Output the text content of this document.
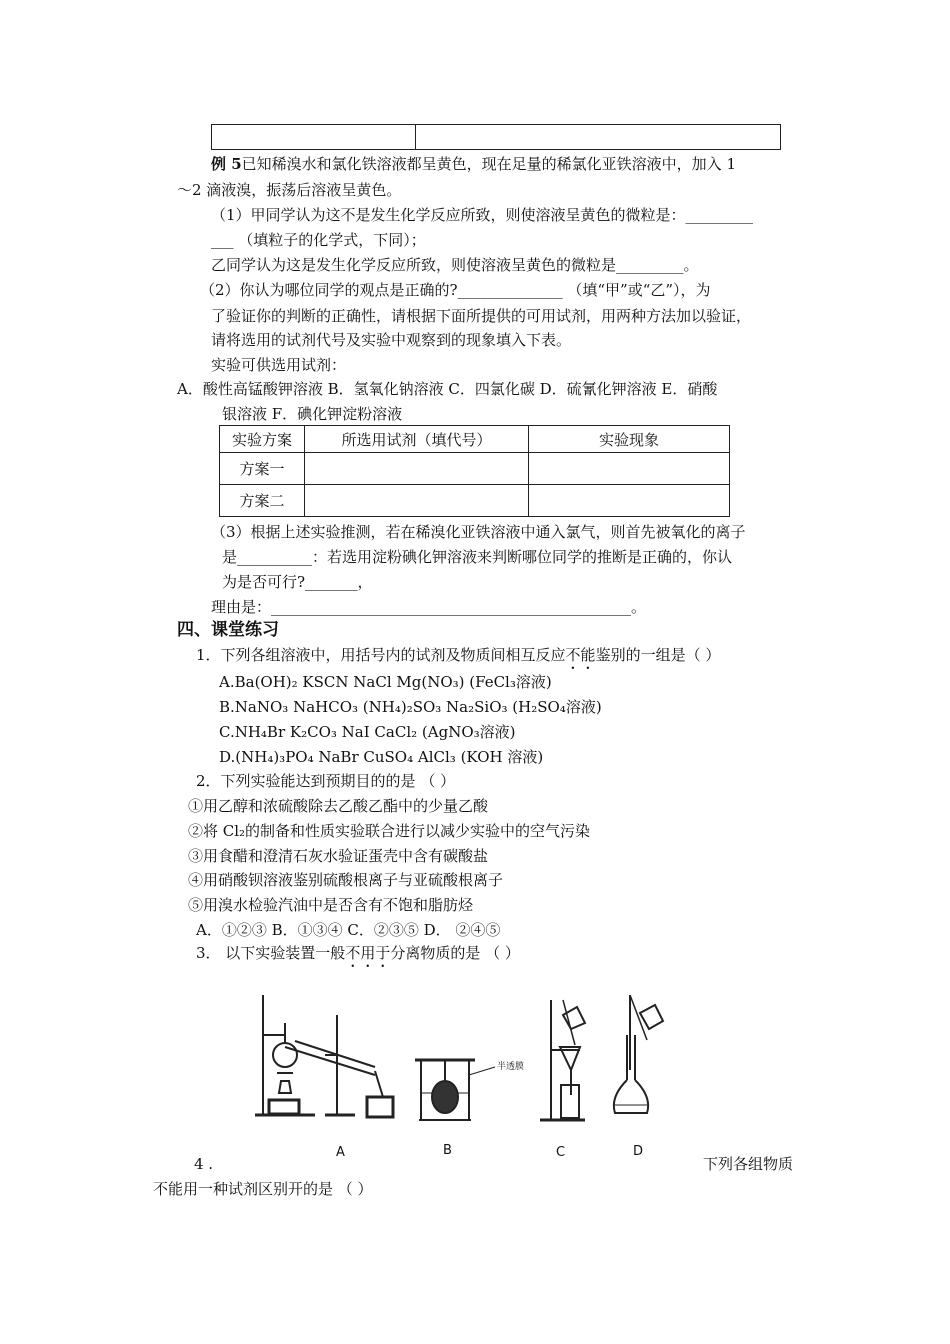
例 5已知稀溴水和氯化铁溶液都呈黄色，现在足量的稀氯化亚铁溶液中，加入 1
～2 滴液溴，振荡后溶液呈黄色。
（1）甲同学认为这不是发生化学反应所致，则使溶液呈黄色的微粒是：_________
___ （填粒子的化学式，下同）；
乙同学认为这是发生化学反应所致，则使溶液呈黄色的微粒是_________。
（2）你认为哪位同学的观点是正确的?______________ （填“甲”或“乙”），为
了验证你的判断的正确性，请根据下面所提供的可用试剂，用两种方法加以验证，
请将选用的试剂代号及实验中观察到的现象填入下表。
实验可供选用试剂：
A．酸性高锰酸钾溶液 B．氢氧化钠溶液 C．四氯化碳 D．硫氰化钾溶液 E．硝酸
银溶液 F．碘化钾淀粉溶液
实验方案	所选用试剂（填代号）	实验现象
方案一		
方案二		
（3）根据上述实验推测，若在稀溴化亚铁溶液中通入氯气，则首先被氧化的离子
是__________：若选用淀粉碘化钾溶液来判断哪位同学的推断是正确的，你认
为是否可行?_______，
理由是：________________________________________________。
四、课堂练习
1．下列各组溶液中，用括号内的试剂及物质间相互反应不能鉴别的一组是（ ）
A.Ba(OH)₂ KSCN NaCl Mg(NO₃) (FeCl₃溶液)
B.NaNO₃ NaHCO₃ (NH₄)₂SO₃ Na₂SiO₃ (H₂SO₄溶液)
C.NH₄Br K₂CO₃ NaI CaCl₂ (AgNO₃溶液)
D.(NH₄)₃PO₄ NaBr CuSO₄ AlCl₃ (KOH 溶液)
2．下列实验能达到预期目的的是 （ ）
①用乙醇和浓硫酸除去乙酸乙酯中的少量乙酸
②将 Cl₂的制备和性质实验联合进行以减少实验中的空气污染
③用食醋和澄清石灰水验证蛋壳中含有碳酸盐
④用硝酸钡溶液鉴别硫酸根离子与亚硫酸根离子
⑤用溴水检验汽油中是否含有不饱和脂肪烃
A．①②③ B．①③④ C．②③⑤ D． ②④⑤
3． 以下实验装置一般不用于分离物质的是 （ ）
半透膜
A	B	C	D
4 .	下列各组物质
不能用一种试剂区别开的是 （ ）
